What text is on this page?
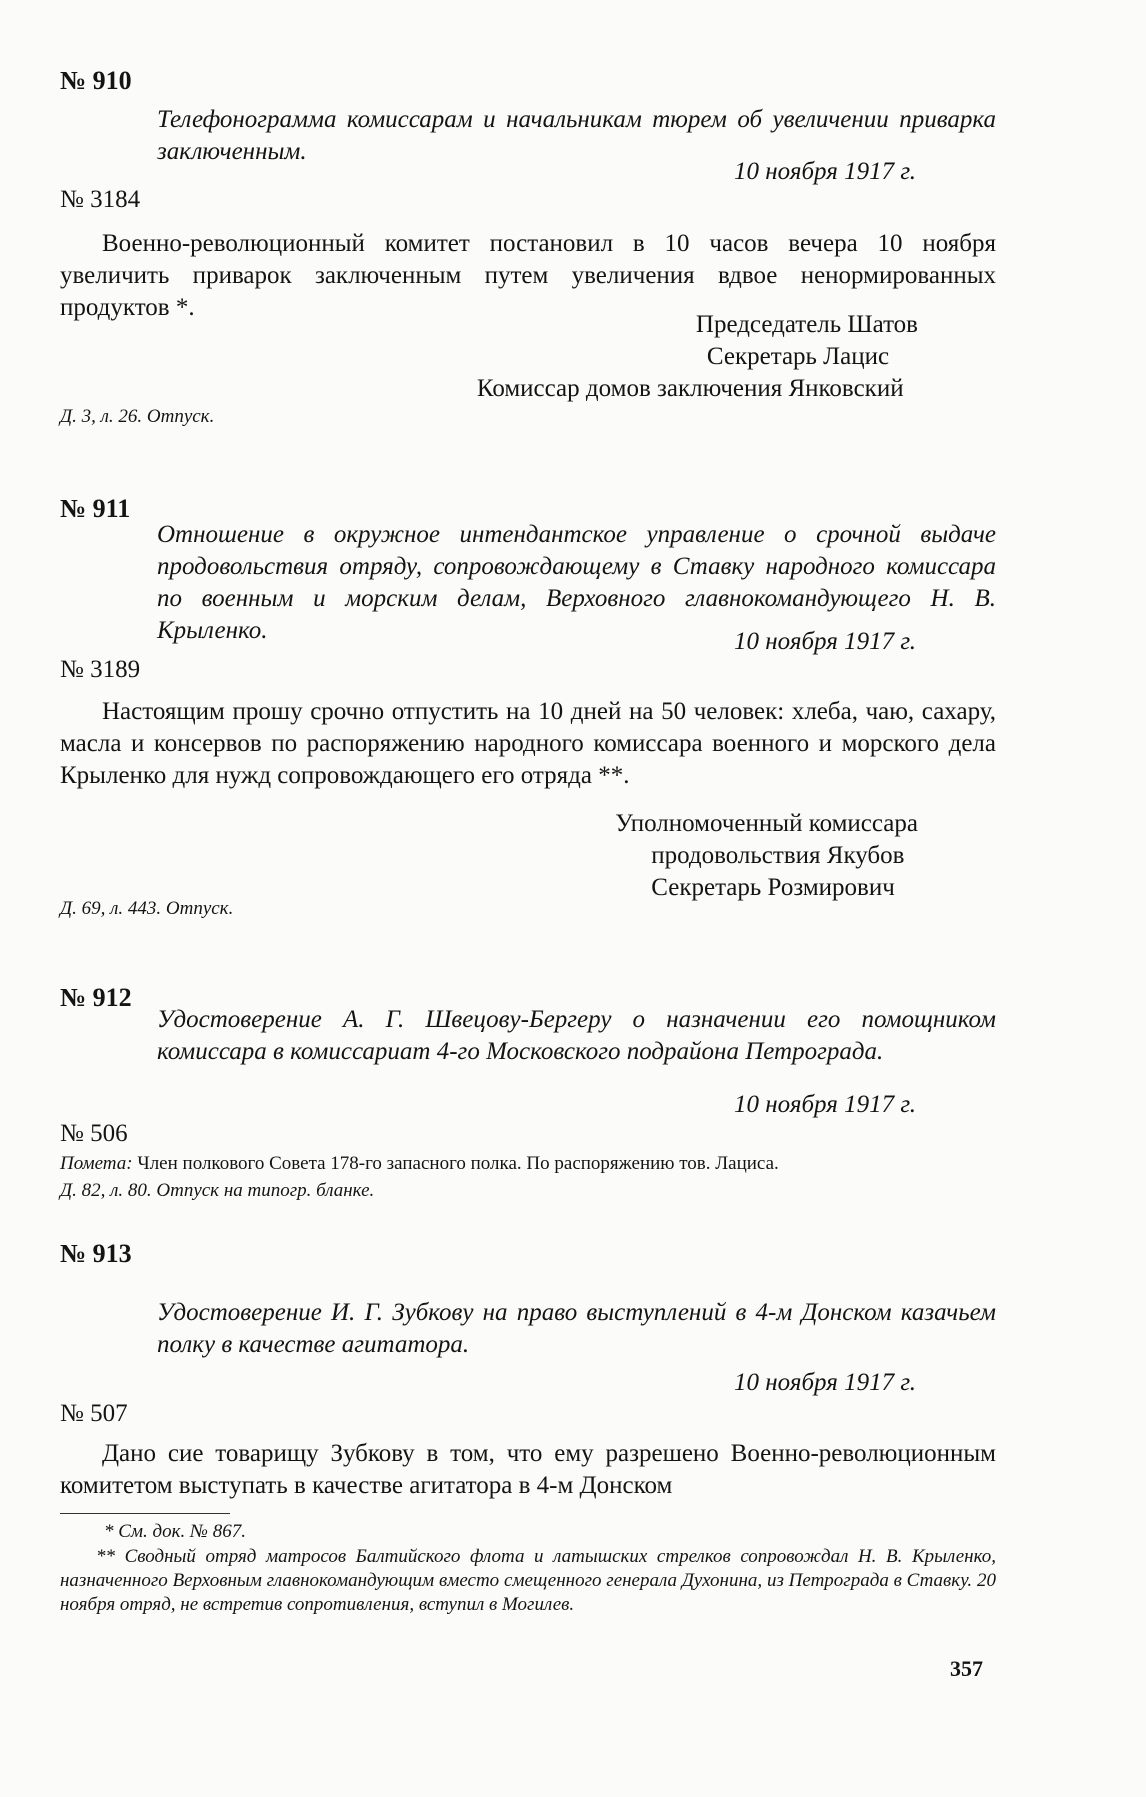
№ 910

Телефонограмма комиссарам и начальникам тюрем об увеличении приварка заключенным.

10 ноября 1917 г.
№ 3184

Военно-революционный комитет постановил в 10 часов вечера 10 ноября увеличить приварок заключенным путем увеличения вдвое ненормированных продуктов *.

Председатель Шатов
Секретарь Лацис
Комиссар домов заключения Янковский
Д. 3, л. 26. Отпуск.
№ 911

Отношение в окружное интендантское управление о срочной выдаче продовольствия отряду, сопровождающему в Ставку народного комиссара по военным и морским делам, Верховного главнокомандующего Н. В. Крыленко.	10 ноября 1917 г.
№ 3189

Настоящим прошу срочно отпустить на 10 дней на 50 человек: хлеба, чаю, сахару, масла и консервов по распоряжению народного комиссара военного и морского дела Крыленко для нужд сопровождающего его отряда **.

Уполномоченный комиссара
продовольствия Якубов
Секретарь Розмирович
Д. 69, л. 443. Отпуск.
№ 912

Удостоверение А. Г. Швецову-Бергеру о назначении его помощником комиссара в комиссариат 4-го Московского подрайона Петрограда.

10 ноября 1917 г.
№ 506
Помета: Член полкового Совета 178-го запасного полка. По распоряжению тов. Лациса.
Д. 82, л. 80. Отпуск на типогр. бланке.
№ 913

Удостоверение И. Г. Зубкову на право выступлений в 4-м Донском казачьем полку в качестве агитатора.

10 ноября 1917 г.
№ 507

Дано сие товарищу Зубкову в том, что ему разрешено Военно-революционным комитетом выступать в качестве агитатора в 4-м Донском

* См. док. № 867.

** Сводный отряд матросов Балтийского флота и латышских стрелков сопровождал Н. В. Крыленко, назначенного Верховным главнокомандующим вместо смещенного генерала Духонина, из Петрограда в Ставку. 20 ноября отряд, не встретив сопротивления, вступил в Могилев.

357
